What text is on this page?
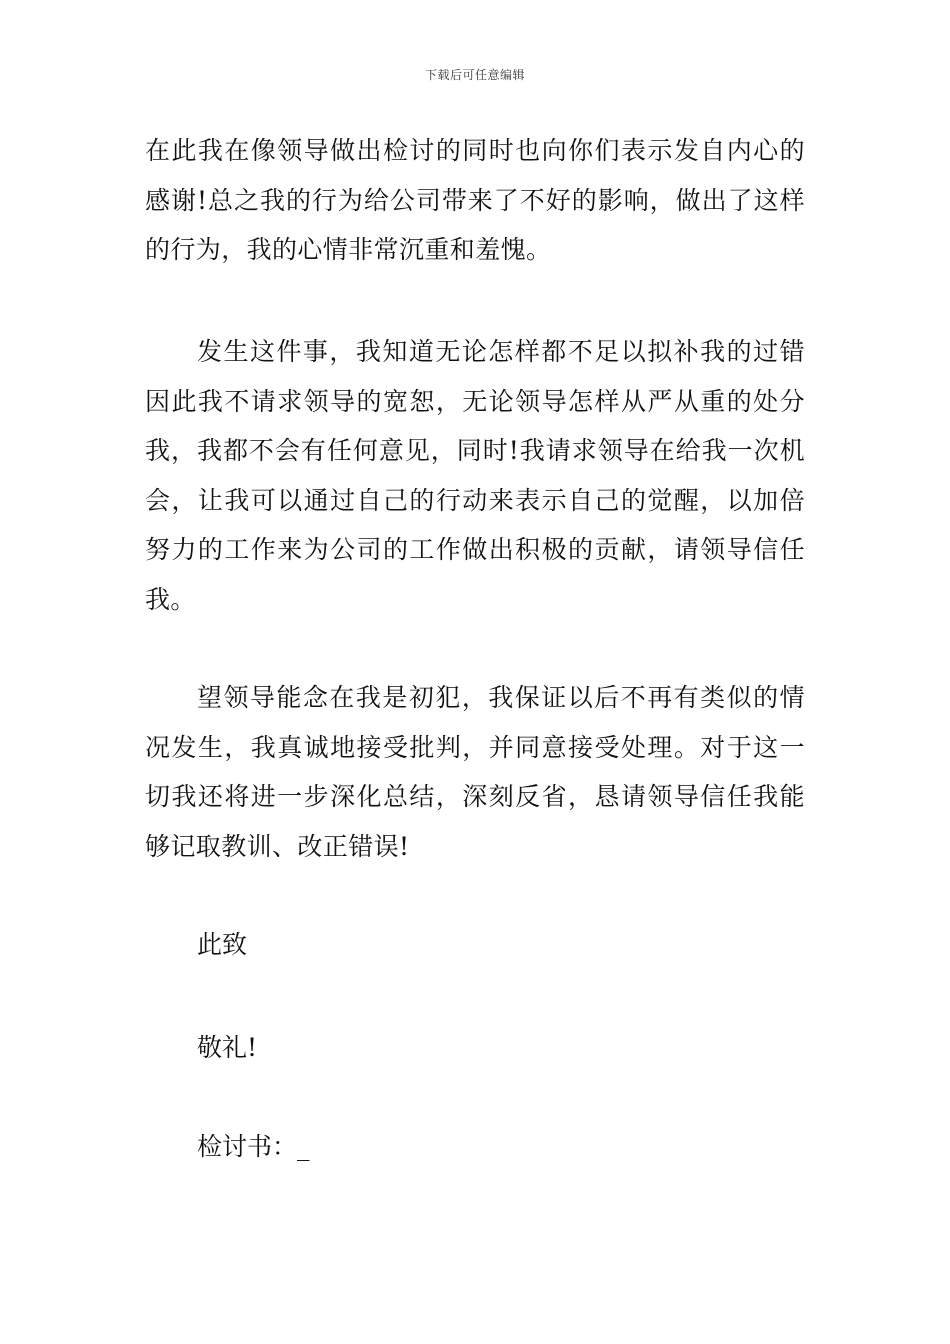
下载后可任意编辑

在此我在像领导做出检讨的同时也向你们表示发自内心的感谢!总之我的行为给公司带来了不好的影响，做出了这样的行为，我的心情非常沉重和羞愧。

发生这件事，我知道无论怎样都不足以拟补我的过错因此我不请求领导的宽恕，无论领导怎样从严从重的处分我，我都不会有任何意见，同时!我请求领导在给我一次机会，让我可以通过自己的行动来表示自己的觉醒，以加倍努力的工作来为公司的工作做出积极的贡献，请领导信任我。

望领导能念在我是初犯，我保证以后不再有类似的情况发生，我真诚地接受批判，并同意接受处理。对于这一切我还将进一步深化总结，深刻反省，恳请领导信任我能够记取教训、改正错误!

此致

敬礼!

检讨书：_
